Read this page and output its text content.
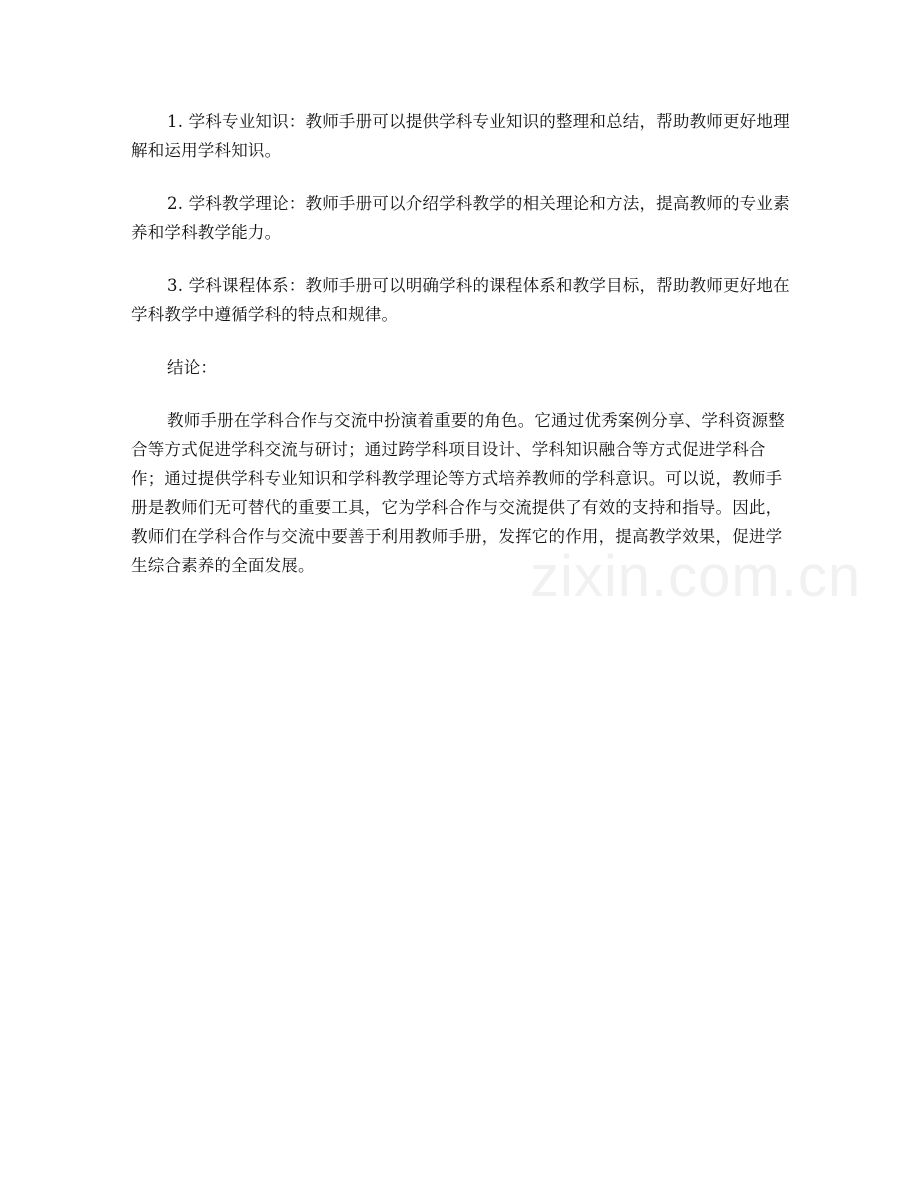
1. 学科专业知识：教师手册可以提供学科专业知识的整理和总结，帮助教师更好地理解和运用学科知识。

2. 学科教学理论：教师手册可以介绍学科教学的相关理论和方法，提高教师的专业素养和学科教学能力。

3. 学科课程体系：教师手册可以明确学科的课程体系和教学目标，帮助教师更好地在学科教学中遵循学科的特点和规律。

结论：

教师手册在学科合作与交流中扮演着重要的角色。它通过优秀案例分享、学科资源整合等方式促进学科交流与研讨；通过跨学科项目设计、学科知识融合等方式促进学科合作；通过提供学科专业知识和学科教学理论等方式培养教师的学科意识。可以说，教师手册是教师们无可替代的重要工具，它为学科合作与交流提供了有效的支持和指导。因此，教师们在学科合作与交流中要善于利用教师手册，发挥它的作用，提高教学效果，促进学生综合素养的全面发展。	zixin.com.cn
